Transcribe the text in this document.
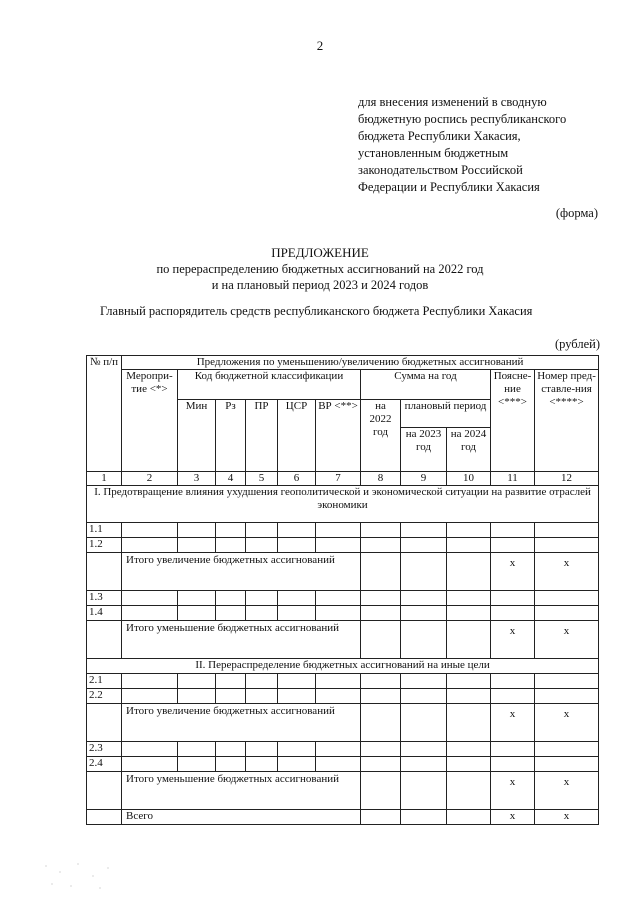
2
для внесения изменений в сводную
бюджетную роспись республиканского
бюджета Республики Хакасия,
установленным бюджетным
законодательством Российской
Федерации и Республики Хакасия
(форма)
ПРЕДЛОЖЕНИЕ
по перераспределению бюджетных ассигнований на 2022 год
и на плановый период 2023 и 2024 годов
Главный распорядитель средств республиканского бюджета Республики Хакасия
(рублей)
№ п/п	Предложения по уменьшению/увеличению бюджетных ассигнований										
	Меропри-тие <*>	Код бюджетной классификации					Сумма на год			Поясне-ние <***>	Номер пред-ставле-ния <****>
		Мин	Рз	ПР	ЦСР	ВР <**>	на 2022 год	плановый период			
								на 2023 год	на 2024 год		
1	2	3	4	5	6	7	8	9	10	11	12
I. Предотвращение влияния ухудшения геополитической и экономической ситуации на развитие отраслей экономики											
1.1											
1.2											
	Итого увеличение бюджетных ассигнований									x	x
1.3											
1.4											
	Итого уменьшение бюджетных ассигнований									x	x
II. Перераспределение бюджетных ассигнований на иные цели											
2.1											
2.2											
	Итого увеличение бюджетных ассигнований									x	x
2.3											
2.4											
	Итого уменьшение бюджетных ассигнований									x	x
	Всего									x	x
